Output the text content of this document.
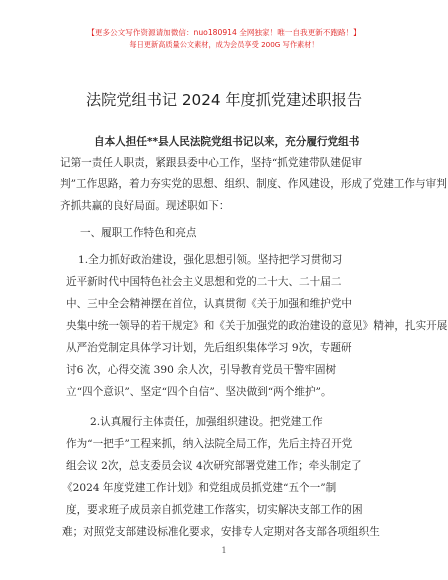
【更多公文写作资源请加微信：nuo180914 全网独家！唯一自我更新不跑路！】
每日更新高质量公文素材，成为会员享受 200G 写作素材！
法院党组书记 2024 年度抓党建述职报告
自本人担任**县人民法院党组书记以来，充分履行党组书
记第一责任人职责，紧跟县委中心工作，坚持“抓党建带队建促审
判”工作思路，着力夯实党的思想、组织、制度、作风建设，形成了党建工作与审判
齐抓共赢的良好局面。现述职如下：
一、履职工作特色和亮点
1.全力抓好政治建设，强化思想引领。坚持把学习贯彻习
近平新时代中国特色社会主义思想和党的二十大、二十届二
中、三中全会精神摆在首位，认真贯彻《关于加强和维护党中
央集中统一领导的若干规定》和《关于加强党的政治建设的意见》精神，扎实开展
从严治党制定具体学习计划，先后组织集体学习 9次，专题研
讨6 次，心得交流 390 余人次，引导教育党员干警牢固树
立“四个意识”、坚定“四个自信”、坚决做到“两个维护”。
2.认真履行主体责任，加强组织建设。把党建工作
作为“一把手”工程来抓，纳入法院全局工作，先后主持召开党
组会议 2次，总支委员会议 4次研究部署党建工作；牵头制定了
《2024 年度党建工作计划》和党组成员抓党建“五个一”制
度，要求班子成员亲自抓党建工作落实，切实解决支部工作的困
难；对照党支部建设标准化要求，安排专人定期对各支部各项组织生
1
